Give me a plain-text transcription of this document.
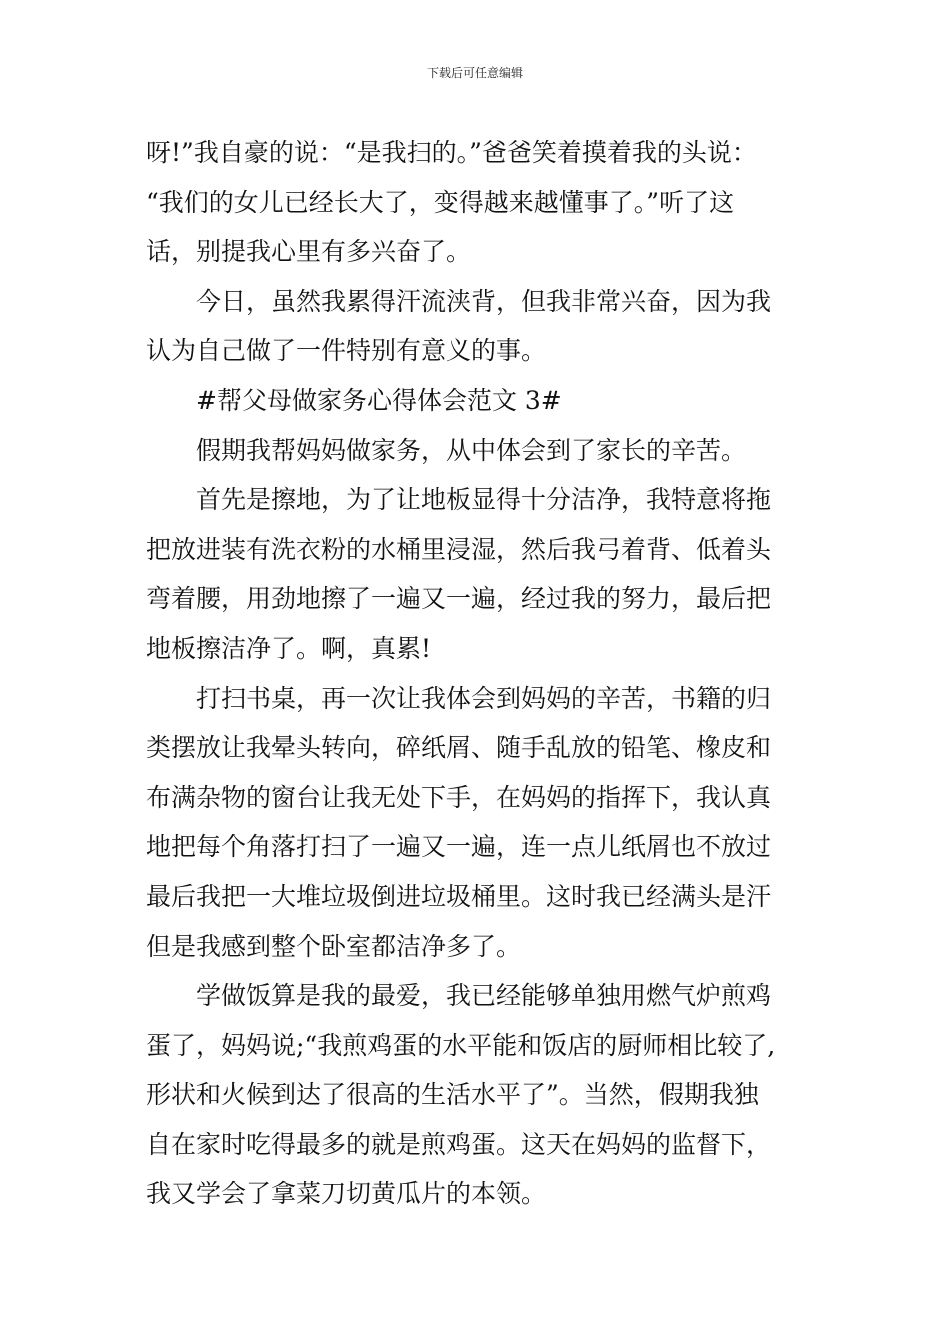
下载后可任意编辑
呀!”我自豪的说：“是我扫的。”爸爸笑着摸着我的头说：
“我们的女儿已经长大了，变得越来越懂事了。”听了这
话，别提我心里有多兴奋了。
今日，虽然我累得汗流浃背，但我非常兴奋，因为我
认为自己做了一件特别有意义的事。
#帮父母做家务心得体会范文 3#
假期我帮妈妈做家务，从中体会到了家长的辛苦。
首先是擦地，为了让地板显得十分洁净，我特意将拖
把放进装有洗衣粉的水桶里浸湿，然后我弓着背、低着头
弯着腰，用劲地擦了一遍又一遍，经过我的努力，最后把
地板擦洁净了。啊，真累!
打扫书桌，再一次让我体会到妈妈的辛苦，书籍的归
类摆放让我晕头转向，碎纸屑、随手乱放的铅笔、橡皮和
布满杂物的窗台让我无处下手，在妈妈的指挥下，我认真
地把每个角落打扫了一遍又一遍，连一点儿纸屑也不放过
最后我把一大堆垃圾倒进垃圾桶里。这时我已经满头是汗
但是我感到整个卧室都洁净多了。
学做饭算是我的最爱，我已经能够单独用燃气炉煎鸡
蛋了，妈妈说;“我煎鸡蛋的水平能和饭店的厨师相比较了,
形状和火候到达了很高的生活水平了”。当然，假期我独
自在家时吃得最多的就是煎鸡蛋。这天在妈妈的监督下，
我又学会了拿菜刀切黄瓜片的本领。
